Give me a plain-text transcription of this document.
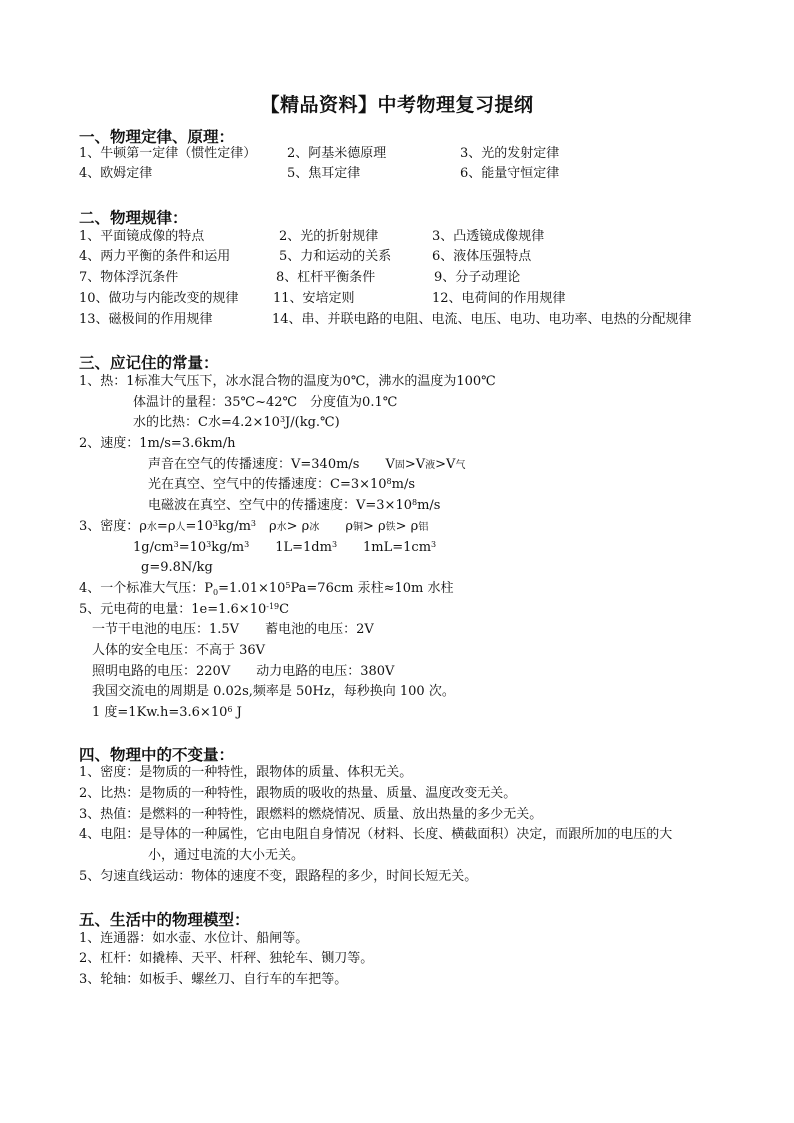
【精品资料】中考物理复习提纲
一、物理定律、原理：
1、牛顿第一定律（惯性定律） 2、阿基米德原理	3、光的发射定律
4、欧姆定律	5、焦耳定律	6、能量守恒定律
二、物理规律：
1、平面镜成像的特点	2、光的折射规律	3、凸透镜成像规律
4、两力平衡的条件和运用	5、力和运动的关系	6、液体压强特点
7、物体浮沉条件	8、杠杆平衡条件	9、分子动理论
10、做功与内能改变的规律	11、安培定则	12、电荷间的作用规律
13、磁极间的作用规律	14、串、并联电路的电阻、电流、电压、电功、电功率、电热的分配规律
三、应记住的常量：
1、热：1标准大气压下，冰水混合物的温度为0℃，沸水的温度为100℃
体温计的量程：35℃~42℃　分度值为0.1℃
水的比热：C水$=4.2\times 10^3J/(kg.℃)$
2、速度：1m/s=3.6km/h
声音在空气的传播速度：V=340m/s　　V固>V液>V气
光在真空、空气中的传播速度：$C=3\times 10^8m/s$
电磁波在真空、空气中的传播速度：$V=3\times 10^8m/s$
3、密度：ρ水=ρ人$=10^3kg/m^3$　ρ水> ρ冰　　ρ铜> ρ铁> ρ铝
$1g/cm^3=10^3kg/m^3$　　$1L=1dm^3$　　$1mL=1cm^3$
g=9.8N/kg
4、一个标准大气压：$P_0=1.01\times 10^5Pa=76cm$ 汞柱≈10m 水柱
5、元电荷的电量：$1e=1.6\times 10^{-19}C$
一节干电池的电压：1.5V　　蓄电池的电压：2V
人体的安全电压：不高于 36V
照明电路的电压：220V　　动力电路的电压：380V
我国交流电的周期是 0.02s,频率是 50Hz，每秒换向 100 次。
1 度$=1Kw.h=3.6\times 10^6$ J
四、物理中的不变量：
1、密度：是物质的一种特性，跟物体的质量、体积无关。
2、比热：是物质的一种特性，跟物质的吸收的热量、质量、温度改变无关。
3、热值：是燃料的一种特性，跟燃料的燃烧情况、质量、放出热量的多少无关。
4、电阻：是导体的一种属性，它由电阻自身情况（材料、长度、横截面积）决定，而跟所加的电压的大
小，通过电流的大小无关。
5、匀速直线运动：物体的速度不变，跟路程的多少，时间长短无关。
五、生活中的物理模型：
1、连通器：如水壶、水位计、船闸等。
2、杠杆：如撬棒、天平、杆秤、独轮车、铡刀等。
3、轮轴：如板手、螺丝刀、自行车的车把等。
